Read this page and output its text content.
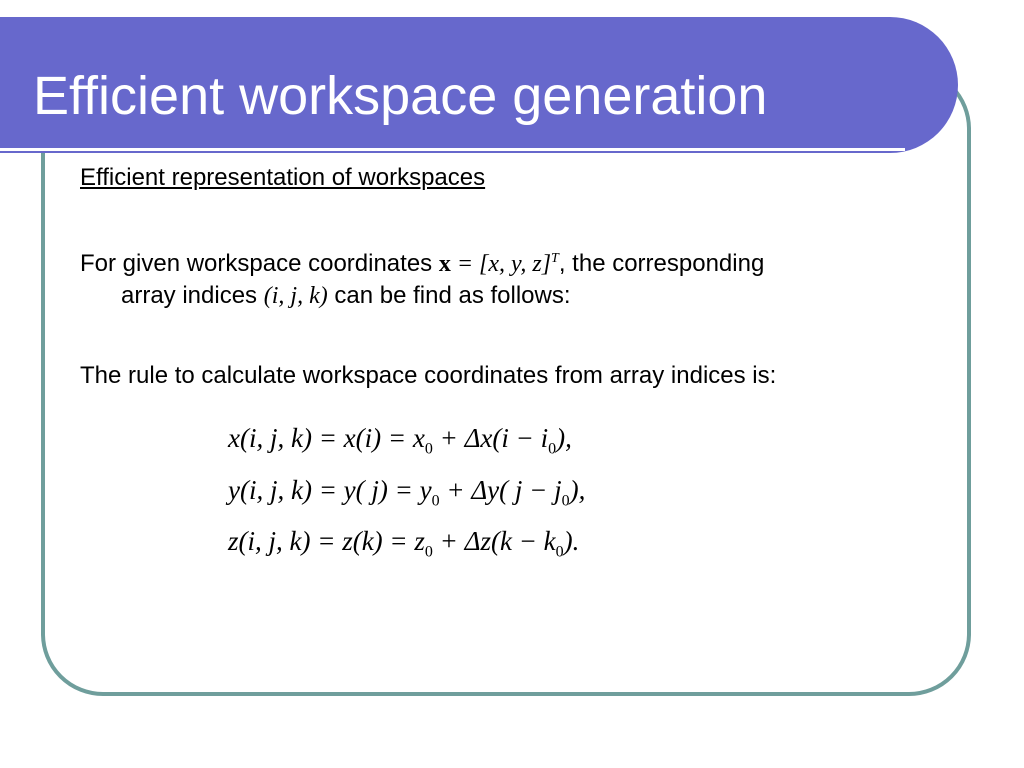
Efficient workspace generation
Efficient representation of workspaces
For given workspace coordinates x = [x, y, z]$^T$, the corresponding
array indices (i, j, k) can be find as follows:
The rule to calculate workspace coordinates from array indices is:
x(i, j, $k) = x(i) = x_0 + \Delta x(i - i_0)$,
y(i, j, k) = y( $j) = y_0 + \Delta y$( $j - j_0$),
z(i, j, $k) = z(k) = z_0 + \Delta z(k - k_0)$.
